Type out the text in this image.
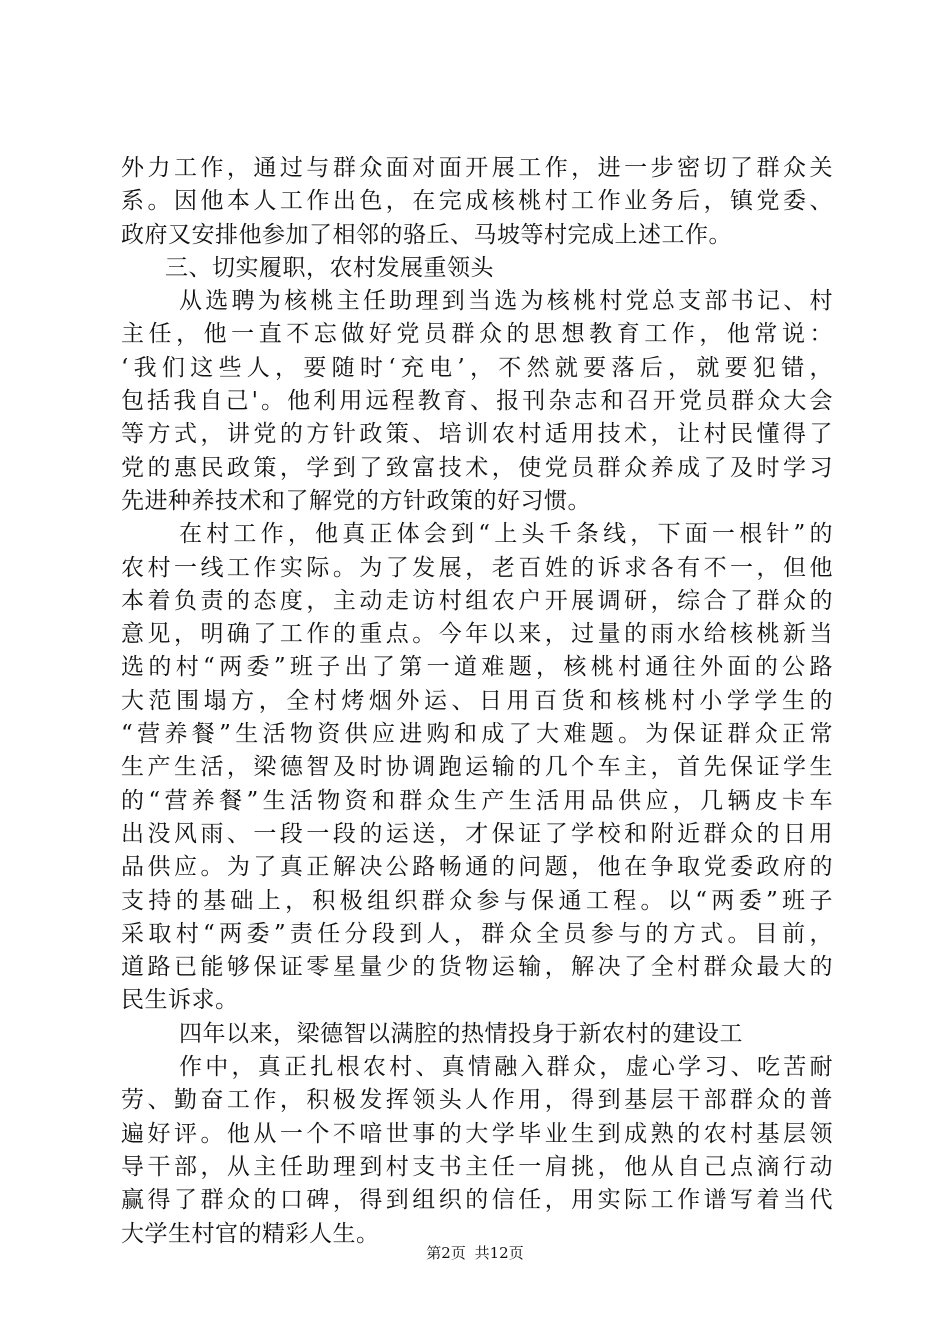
外力工作，通过与群众面对面开展工作，进一步密切了群众关
系。因他本人工作出色，在完成核桃村工作业务后，镇党委、
政府又安排他参加了相邻的骆丘、马坡等村完成上述工作。
三、切实履职，农村发展重领头
从选聘为核桃主任助理到当选为核桃村党总支部书记、村
主任，他一直不忘做好党员群众的思想教育工作，他常说：
‘我们这些人，要随时‘充电’，不然就要落后，就要犯错，
包括我自己'。他利用远程教育、报刊杂志和召开党员群众大会
等方式，讲党的方针政策、培训农村适用技术，让村民懂得了
党的惠民政策，学到了致富技术，使党员群众养成了及时学习
先进种养技术和了解党的方针政策的好习惯。
在村工作，他真正体会到“上头千条线，下面一根针”的
农村一线工作实际。为了发展，老百姓的诉求各有不一，但他
本着负责的态度，主动走访村组农户开展调研，综合了群众的
意见，明确了工作的重点。今年以来，过量的雨水给核桃新当
选的村“两委”班子出了第一道难题，核桃村通往外面的公路
大范围塌方，全村烤烟外运、日用百货和核桃村小学学生的
“营养餐”生活物资供应进购和成了大难题。为保证群众正常
生产生活，梁德智及时协调跑运输的几个车主，首先保证学生
的“营养餐”生活物资和群众生产生活用品供应，几辆皮卡车
出没风雨、一段一段的运送，才保证了学校和附近群众的日用
品供应。为了真正解决公路畅通的问题，他在争取党委政府的
支持的基础上，积极组织群众参与保通工程。以“两委”班子
采取村“两委”责任分段到人，群众全员参与的方式。目前，
道路已能够保证零星量少的货物运输，解决了全村群众最大的
民生诉求。
四年以来，梁德智以满腔的热情投身于新农村的建设工
作中，真正扎根农村、真情融入群众，虚心学习、吃苦耐
劳、勤奋工作，积极发挥领头人作用，得到基层干部群众的普
遍好评。他从一个不喑世事的大学毕业生到成熟的农村基层领
导干部，从主任助理到村支书主任一肩挑，他从自己点滴行动
赢得了群众的口碑，得到组织的信任，用实际工作谱写着当代
大学生村官的精彩人生。
第2页 共12页
